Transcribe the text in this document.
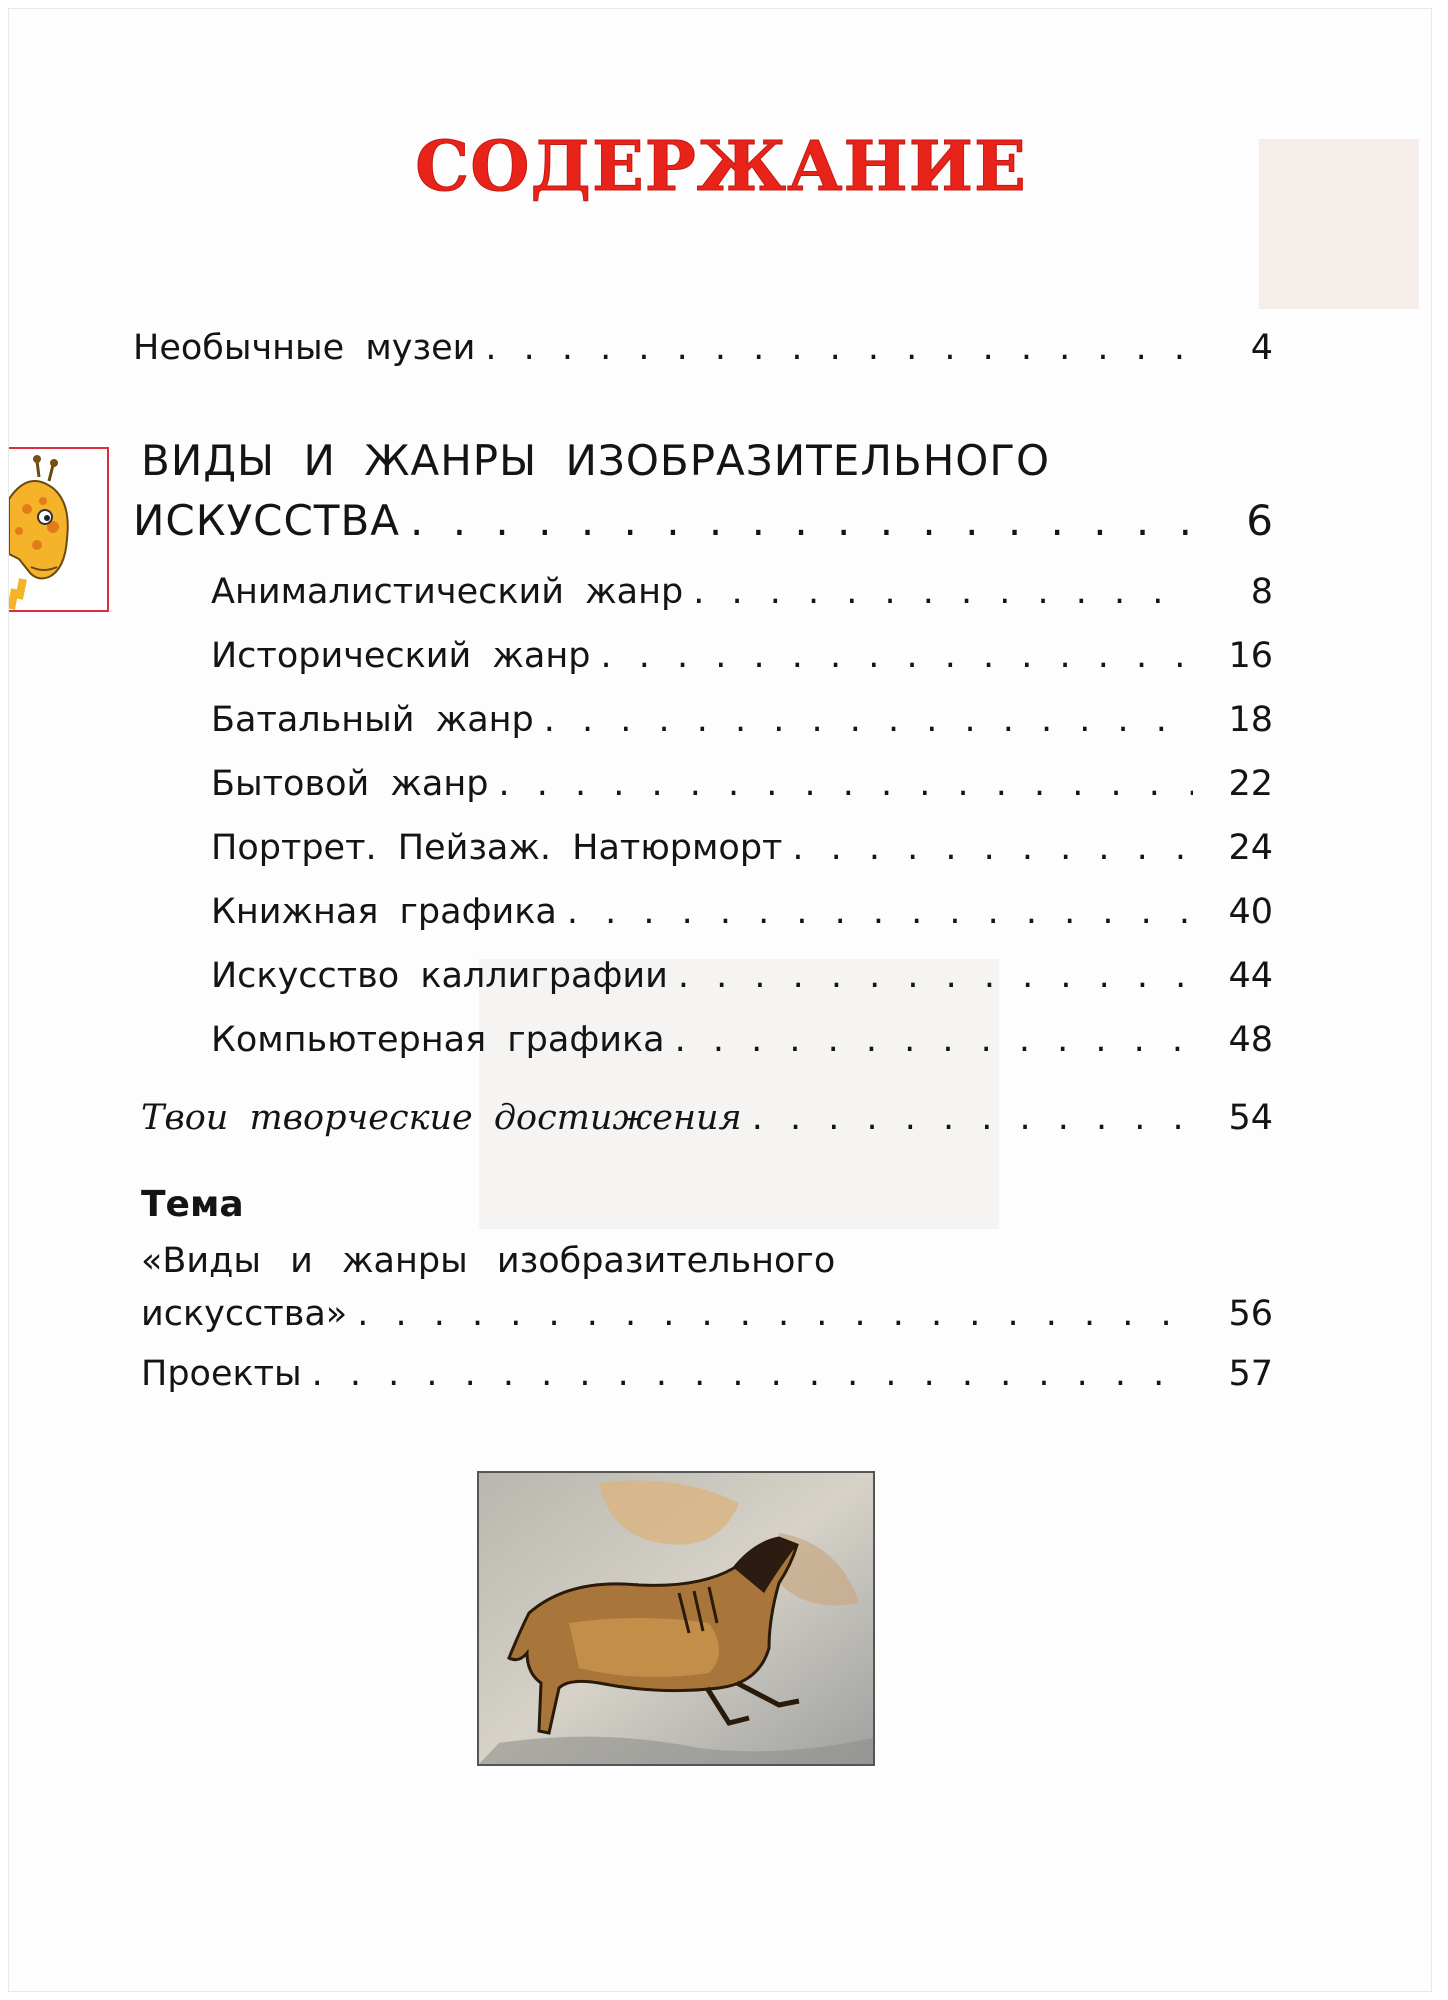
СОДЕРЖАНИЕ
Необычные музеи . . .	4
ВИДЫ И ЖАНРЫ ИЗОБРАЗИТЕЛЬНОГО
ИСКУССТВА . . .	6
Анималистический жанр . . .	8
Исторический жанр . . .	16
Батальный жанр . . .	18
Бытовой жанр . . .	22
Портрет. Пейзаж. Натюрморт . . .	24
Книжная графика . . .	40
Искусство каллиграфии . . .	44
Компьютерная графика . . .	48
Твои творческие достижения . . .	54
Тема
«Виды и жанры изобразительного
искусства» . . .	56
Проекты . . .	57
